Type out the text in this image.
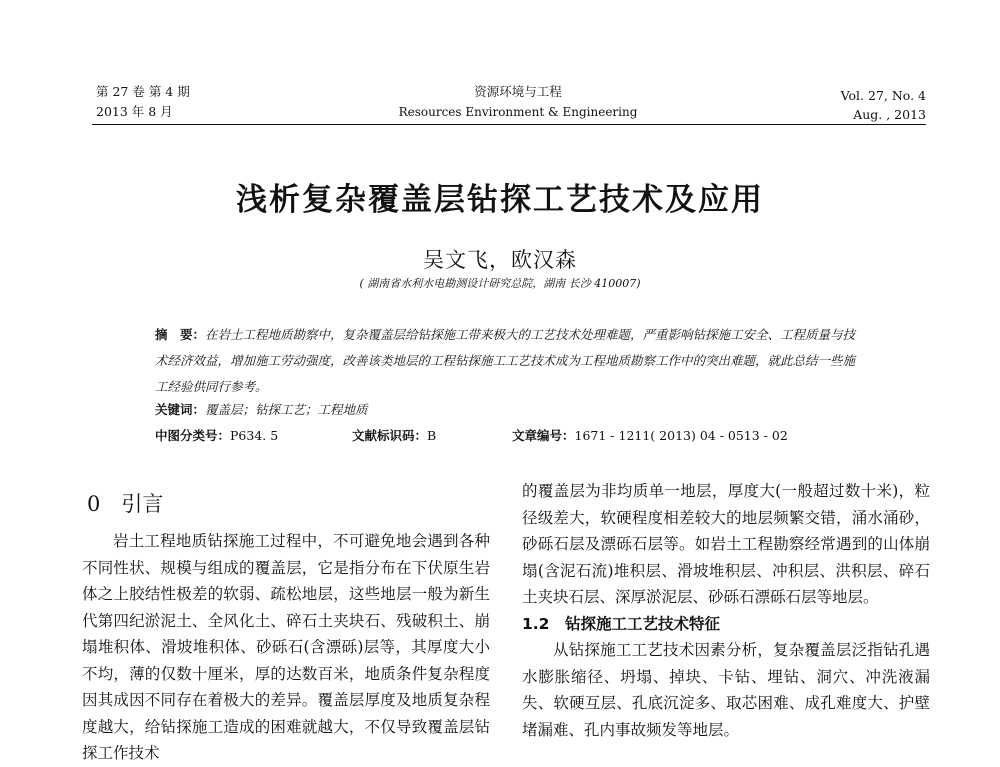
第 27 卷 第 4 期
2013 年 8 月
资源环境与工程
Resources Environment & Engineering
Vol. 27, No. 4
Aug. , 2013
浅析复杂覆盖层钻探工艺技术及应用
吴文飞，欧汉森
( 湖南省水利水电勘测设计研究总院，湖南 长沙 410007)
摘　要：在岩土工程地质勘察中，复杂覆盖层给钻探施工带来极大的工艺技术处理难题，严重影响钻探施工安全、工程质量与技术经济效益，增加施工劳动强度，改善该类地层的工程钻探施工工艺技术成为工程地质勘察工作中的突出难题，就此总结一些施工经验供同行参考。
关键词：覆盖层；钻探工艺；工程地质
中图分类号：P634. 5	文献标识码：B	文章编号：1671 - 1211( 2013) 04 - 0513 - 02
0　引言

岩土工程地质钻探施工过程中，不可避免地会遇到各种不同性状、规模与组成的覆盖层，它是指分布在下伏原生岩体之上胶结性极差的软弱、疏松地层，这些地层一般为新生代第四纪淤泥土、全风化土、碎石土夹块石、残破积土、崩塌堆积体、滑坡堆积体、砂砾石(含漂砾)层等，其厚度大小不均，薄的仅数十厘米，厚的达数百米，地质条件复杂程度因其成因不同存在着极大的差异。覆盖层厚度及地质复杂程度越大，给钻探施工造成的困难就越大，不仅导致覆盖层钻探工作技术

的覆盖层为非均质单一地层，厚度大(一般超过数十米)，粒径级差大，软硬程度相差较大的地层频繁交错，涌水涌砂，砂砾石层及漂砾石层等。如岩土工程勘察经常遇到的山体崩塌(含泥石流)堆积层、滑坡堆积层、冲积层、洪积层、碎石土夹块石层、深厚淤泥层、砂砾石漂砾石层等地层。

1.2　钻探施工工艺技术特征

从钻探施工工艺技术因素分析，复杂覆盖层泛指钻孔遇水膨胀缩径、坍塌、掉块、卡钻、埋钻、洞穴、冲洗液漏失、软硬互层、孔底沉淀多、取芯困难、成孔难度大、护壁堵漏难、孔内事故频发等地层。
